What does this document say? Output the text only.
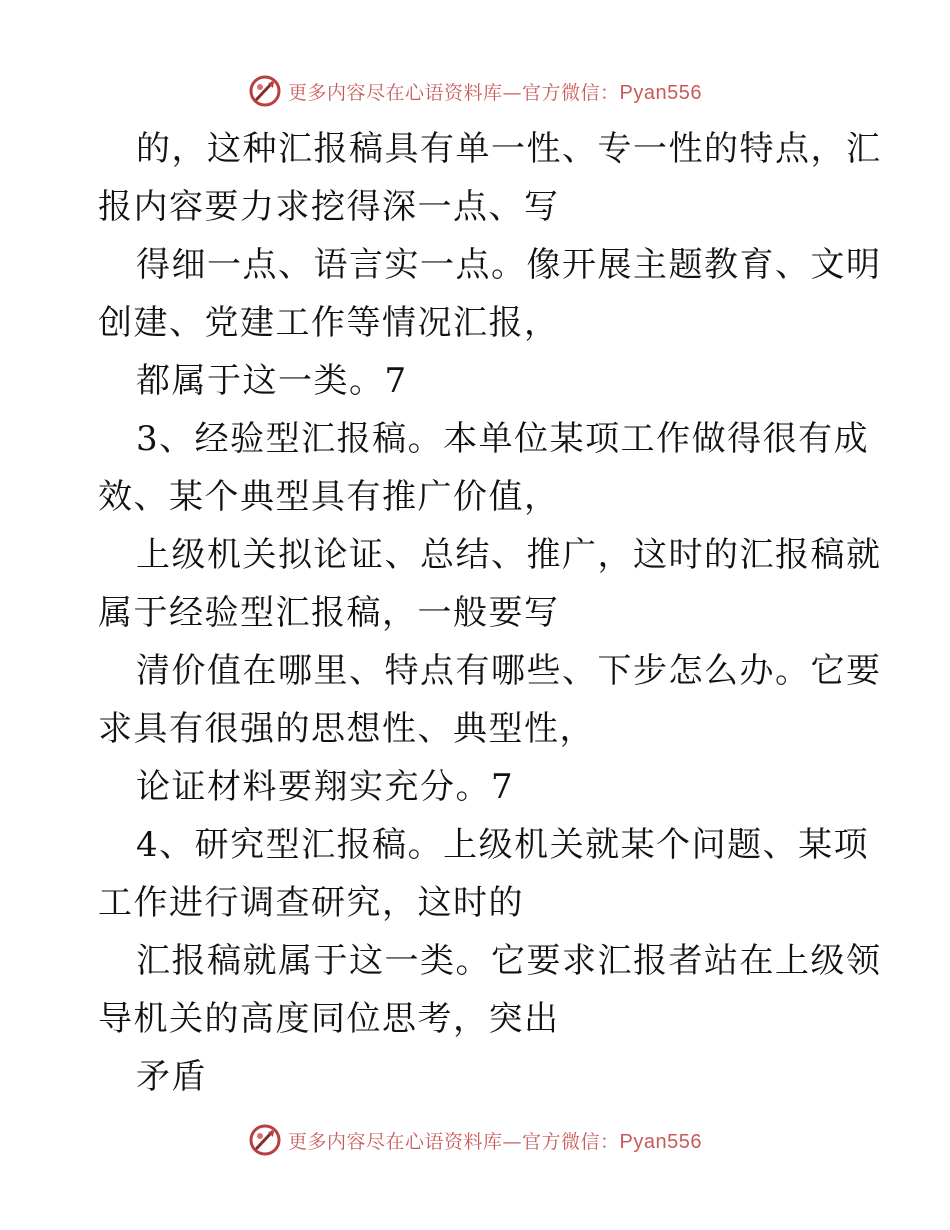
更多内容尽在心语资料库—官方微信：Pyan556
的，这种汇报稿具有单一性、专一性的特点，汇
报内容要力求挖得深一点、写
得细一点、语言实一点。像开展主题教育、文明
创建、党建工作等情况汇报，
都属于这一类。7
3、经验型汇报稿。本单位某项工作做得很有成
效、某个典型具有推广价值，
上级机关拟论证、总结、推广，这时的汇报稿就
属于经验型汇报稿，一般要写
清价值在哪里、特点有哪些、下步怎么办。它要
求具有很强的思想性、典型性，
论证材料要翔实充分。7
4、研究型汇报稿。上级机关就某个问题、某项
工作进行调查研究，这时的
汇报稿就属于这一类。它要求汇报者站在上级领
导机关的高度同位思考，突出
矛盾
更多内容尽在心语资料库—官方微信：Pyan556
